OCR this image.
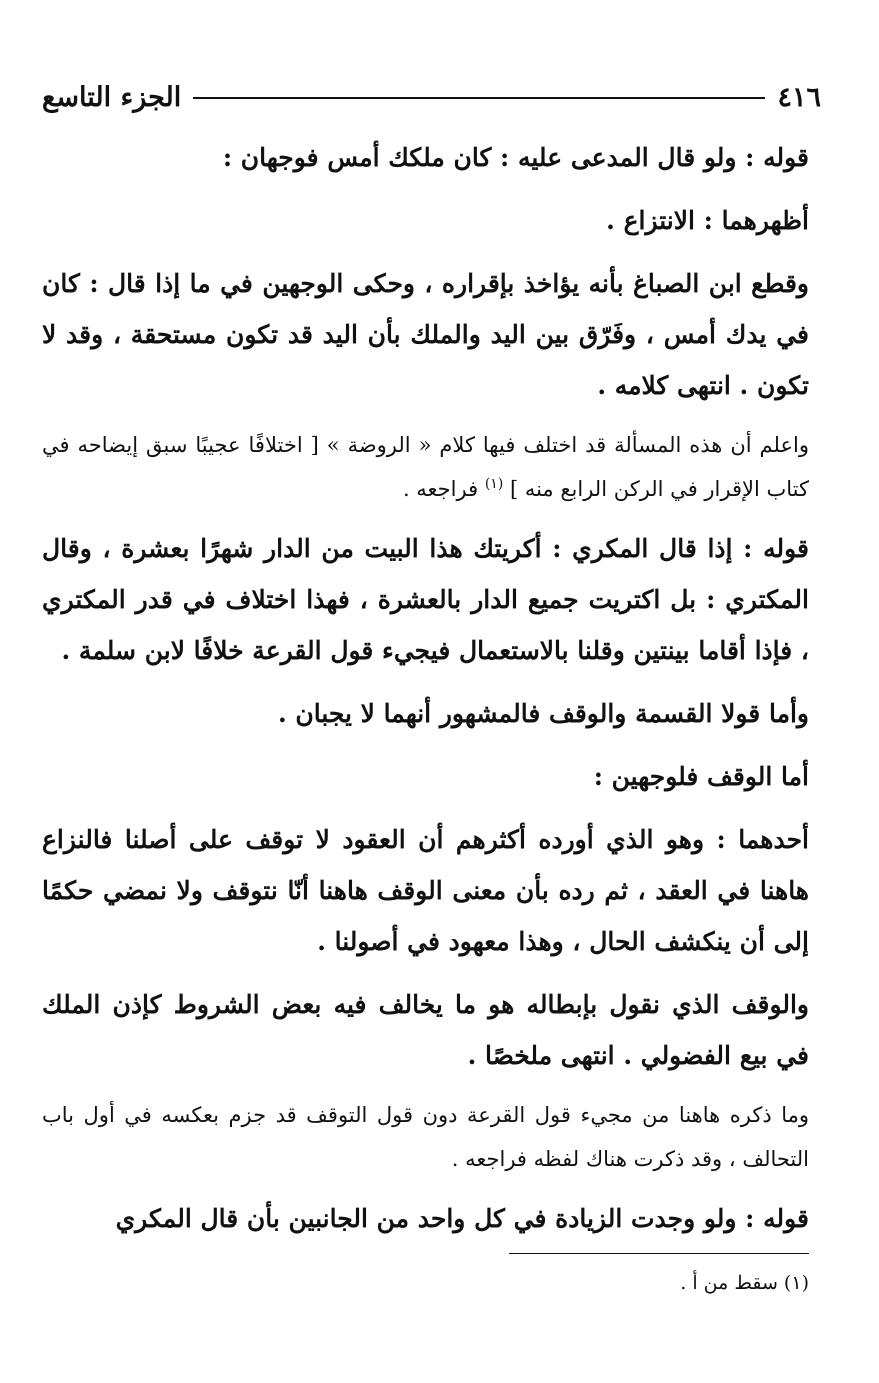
٤١٦
الجزء التاسع

قوله : ولو قال المدعى عليه : كان ملكك أمس فوجهان :

أظهرهما : الانتزاع .

وقطع ابن الصباغ بأنه يؤاخذ بإقراره ، وحكى الوجهين في ما إذا قال : كان في يدك أمس ، وفَرّق بين اليد والملك بأن اليد قد تكون مستحقة ، وقد لا تكون . انتهى كلامه .

واعلم أن هذه المسألة قد اختلف فيها كلام « الروضة » [ اختلافًا عجيبًا سبق إيضاحه في كتاب الإقرار في الركن الرابع منه ] $^{(١)}$ فراجعه .

قوله : إذا قال المكري : أكريتك هذا البيت من الدار شهرًا بعشرة ، وقال المكتري : بل اكتريت جميع الدار بالعشرة ، فهذا اختلاف في قدر المكتري ، فإذا أقاما بينتين وقلنا بالاستعمال فيجيء قول القرعة خلافًا لابن سلمة .

وأما قولا القسمة والوقف فالمشهور أنهما لا يجبان .

أما الوقف فلوجهين :

أحدهما : وهو الذي أورده أكثرهم أن العقود لا توقف على أصلنا فالنزاع هاهنا في العقد ، ثم رده بأن معنى الوقف هاهنا أنّا نتوقف ولا نمضي حكمًا إلى أن ينكشف الحال ، وهذا معهود في أصولنا .

والوقف الذي نقول بإبطاله هو ما يخالف فيه بعض الشروط كإذن الملك في بيع الفضولي . انتهى ملخصًا .

وما ذكره هاهنا من مجيء قول القرعة دون قول التوقف قد جزم بعكسه في أول باب التحالف ، وقد ذكرت هناك لفظه فراجعه .

قوله : ولو وجدت الزيادة في كل واحد من الجانبين بأن قال المكري

(١) سقط من أ .
